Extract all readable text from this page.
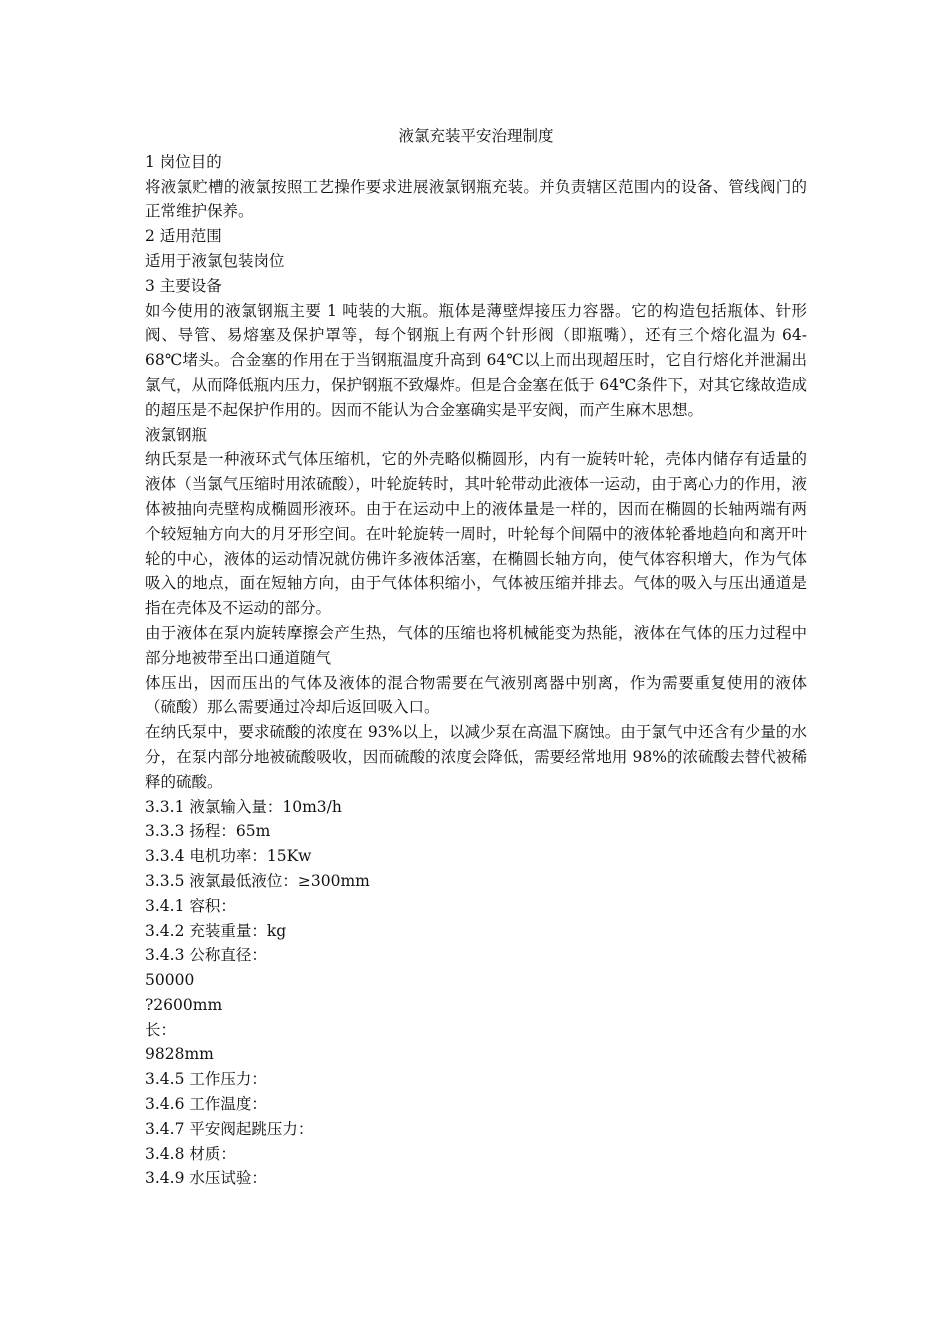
液氯充装平安治理制度
1 岗位目的
将液氯贮槽的液氯按照工艺操作要求进展液氯钢瓶充装。并负责辖区范围内的设备、管线阀门的正常维护保养。
2 适用范围
适用于液氯包装岗位
3 主要设备
如今使用的液氯钢瓶主要 1 吨装的大瓶。瓶体是薄壁焊接压力容器。它的构造包括瓶体、针形阀、导管、易熔塞及保护罩等，每个钢瓶上有两个针形阀（即瓶嘴），还有三个熔化温为 64-68℃堵头。合金塞的作用在于当钢瓶温度升高到 64℃以上而出现超压时，它自行熔化并泄漏出氯气，从而降低瓶内压力，保护钢瓶不致爆炸。但是合金塞在低于 64℃条件下，对其它缘故造成的超压是不起保护作用的。因而不能认为合金塞确实是平安阀，而产生麻木思想。
液氯钢瓶
纳氏泵是一种液环式气体压缩机，它的外壳略似椭圆形，内有一旋转叶轮，壳体内储存有适量的液体（当氯气压缩时用浓硫酸），叶轮旋转时，其叶轮带动此液体一运动，由于离心力的作用，液体被抽向壳壁构成椭圆形液环。由于在运动中上的液体量是一样的，因而在椭圆的长轴两端有两个较短轴方向大的月牙形空间。在叶轮旋转一周时，叶轮每个间隔中的液体轮番地趋向和离开叶轮的中心，液体的运动情况就仿佛许多液体活塞，在椭圆长轴方向，使气体容积增大，作为气体吸入的地点，面在短轴方向，由于气体体积缩小，气体被压缩并排去。气体的吸入与压出通道是指在壳体及不运动的部分。
由于液体在泵内旋转摩擦会产生热，气体的压缩也将机械能变为热能，液体在气体的压力过程中部分地被带至出口通道随气
体压出，因而压出的气体及液体的混合物需要在气液别离器中别离，作为需要重复使用的液体（硫酸）那么需要通过冷却后返回吸入口。
在纳氏泵中，要求硫酸的浓度在 93%以上，以减少泵在高温下腐蚀。由于氯气中还含有少量的水分，在泵内部分地被硫酸吸收，因而硫酸的浓度会降低，需要经常地用 98%的浓硫酸去替代被稀释的硫酸。
3.3.1 液氯输入量：10m3/h
3.3.3 扬程：65m
3.3.4 电机功率：15Kw
3.3.5 液氯最低液位：≥300mm
3.4.1 容积：
3.4.2 充装重量：kg
3.4.3 公称直径：
50000
?2600mm
长：
9828mm
3.4.5 工作压力：
3.4.6 工作温度：
3.4.7 平安阀起跳压力：
3.4.8 材质：
3.4.9 水压试验：
